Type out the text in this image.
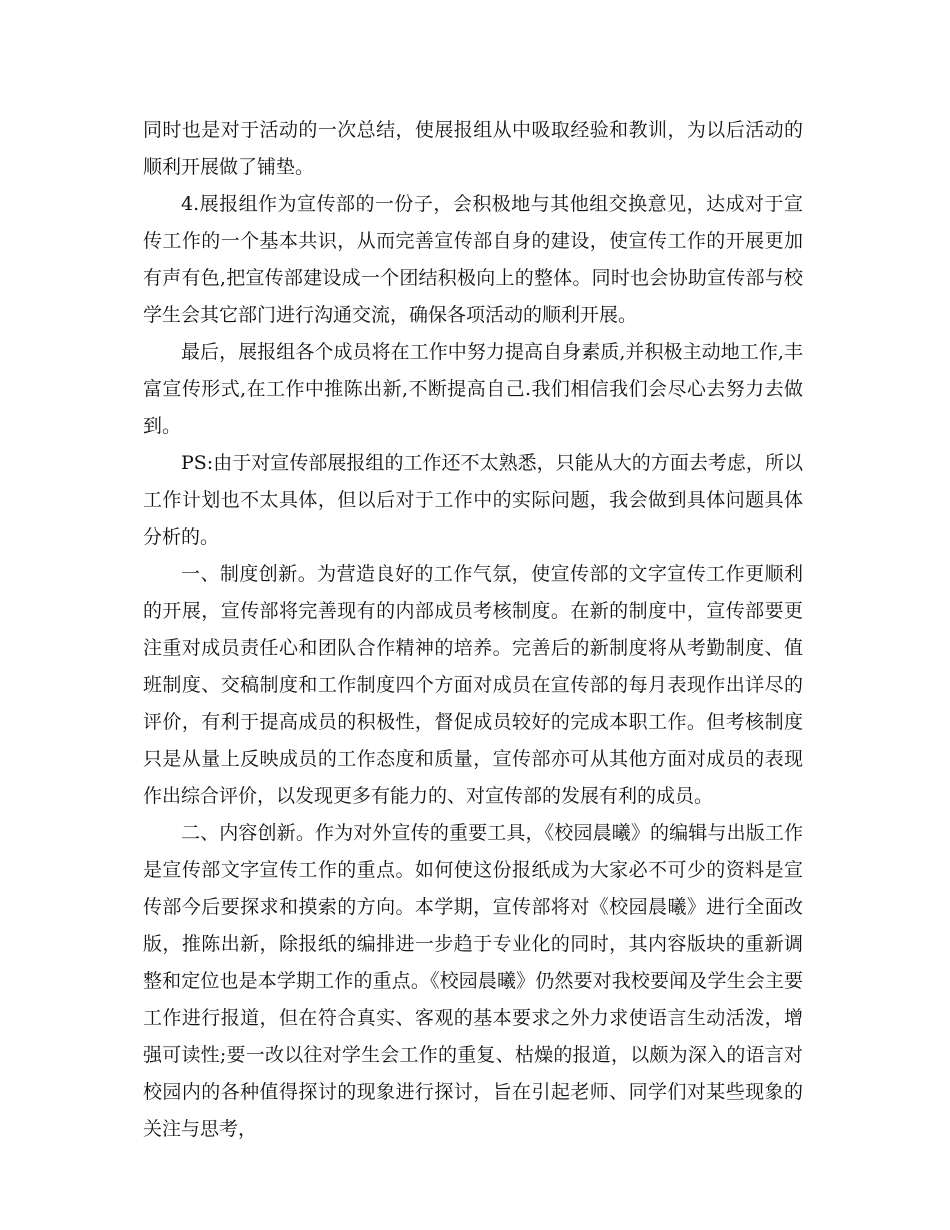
同时也是对于活动的一次总结，使展报组从中吸取经验和教训，为以后活动的顺利开展做了铺垫。

4.展报组作为宣传部的一份子，会积极地与其他组交换意见，达成对于宣传工作的一个基本共识，从而完善宣传部自身的建设，使宣传工作的开展更加有声有色,把宣传部建设成一个团结积极向上的整体。同时也会协助宣传部与校学生会其它部门进行沟通交流，确保各项活动的顺利开展。

最后，展报组各个成员将在工作中努力提高自身素质,并积极主动地工作,丰富宣传形式,在工作中推陈出新,不断提高自己.我们相信我们会尽心去努力去做到。

PS:由于对宣传部展报组的工作还不太熟悉，只能从大的方面去考虑，所以工作计划也不太具体，但以后对于工作中的实际问题，我会做到具体问题具体分析的。

一、制度创新。为营造良好的工作气氛，使宣传部的文字宣传工作更顺利的开展，宣传部将完善现有的内部成员考核制度。在新的制度中，宣传部要更注重对成员责任心和团队合作精神的培养。完善后的新制度将从考勤制度、值班制度、交稿制度和工作制度四个方面对成员在宣传部的每月表现作出详尽的评价，有利于提高成员的积极性，督促成员较好的完成本职工作。但考核制度只是从量上反映成员的工作态度和质量，宣传部亦可从其他方面对成员的表现作出综合评价，以发现更多有能力的、对宣传部的发展有利的成员。

二、内容创新。作为对外宣传的重要工具，《校园晨曦》的编辑与出版工作是宣传部文字宣传工作的重点。如何使这份报纸成为大家必不可少的资料是宣传部今后要探求和摸索的方向。本学期，宣传部将对《校园晨曦》进行全面改版，推陈出新，除报纸的编排进一步趋于专业化的同时，其内容版块的重新调整和定位也是本学期工作的重点。《校园晨曦》仍然要对我校要闻及学生会主要工作进行报道，但在符合真实、客观的基本要求之外力求使语言生动活泼，增强可读性;要一改以往对学生会工作的重复、枯燥的报道，以颇为深入的语言对校园内的各种值得探讨的现象进行探讨，旨在引起老师、同学们对某些现象的关注与思考，
